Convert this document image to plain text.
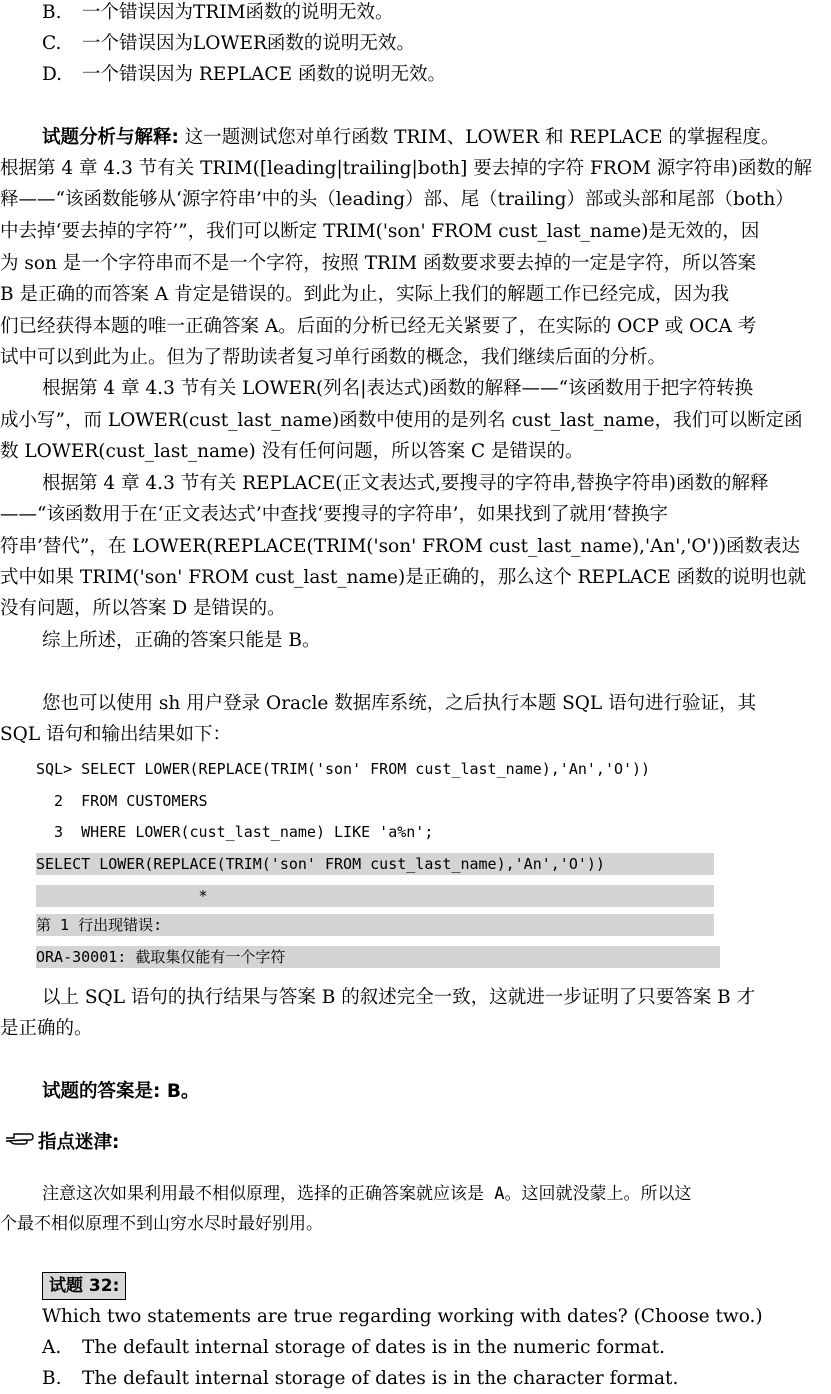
B. 一个错误因为TRIM函数的说明无效。
C. 一个错误因为LOWER函数的说明无效。
D. 一个错误因为 REPLACE 函数的说明无效。
试题分析与解释: 这一题测试您对单行函数 TRIM、LOWER 和 REPLACE 的掌握程度。
根据第 4 章 4.3 节有关 TRIM([leading|trailing|both] 要去掉的字符 FROM 源字符串)函数的解
释——“该函数能够从‘源字符串’中的头（leading）部、尾（trailing）部或头部和尾部（both）
中去掉‘要去掉的字符’”，我们可以断定 TRIM('son' FROM cust_last_name)是无效的，因
为 son 是一个字符串而不是一个字符，按照 TRIM 函数要求要去掉的一定是字符，所以答案
B 是正确的而答案 A 肯定是错误的。到此为止，实际上我们的解题工作已经完成，因为我
们已经获得本题的唯一正确答案 A。后面的分析已经无关紧要了，在实际的 OCP 或 OCA 考
试中可以到此为止。但为了帮助读者复习单行函数的概念，我们继续后面的分析。
根据第 4 章 4.3 节有关 LOWER(列名|表达式)函数的解释——“该函数用于把字符转换
成小写”，而 LOWER(cust_last_name)函数中使用的是列名 cust_last_name，我们可以断定函
数 LOWER(cust_last_name) 没有任何问题，所以答案 C 是错误的。
根据第 4 章 4.3 节有关 REPLACE(正文表达式,要搜寻的字符串,替换字符串)函数的解释
——“该函数用于在‘正文表达式’中查找‘要搜寻的字符串’，如果找到了就用‘替换字
符串’替代”，在 LOWER(REPLACE(TRIM('son' FROM cust_last_name),'An','O'))函数表达
式中如果 TRIM('son' FROM cust_last_name)是正确的，那么这个 REPLACE 函数的说明也就
没有问题，所以答案 D 是错误的。
综上所述，正确的答案只能是 B。
您也可以使用 sh 用户登录 Oracle 数据库系统，之后执行本题 SQL 语句进行验证，其
SQL 语句和输出结果如下：
SQL> SELECT LOWER(REPLACE(TRIM('son' FROM cust_last_name),'An','O'))
2  FROM CUSTOMERS
3  WHERE LOWER(cust_last_name) LIKE 'a%n';
SELECT LOWER(REPLACE(TRIM('son' FROM cust_last_name),'An','O'))
*
第 1 行出现错误:
ORA-30001: 截取集仅能有一个字符
以上 SQL 语句的执行结果与答案 B 的叙述完全一致，这就进一步证明了只要答案 B 才
是正确的。
试题的答案是: B。
指点迷津:
注意这次如果利用最不相似原理，选择的正确答案就应该是 A。这回就没蒙上。所以这
个最不相似原理不到山穷水尽时最好别用。
试题 32:
Which two statements are true regarding working with dates? (Choose two.)
A. The default internal storage of dates is in the numeric format.
B. The default internal storage of dates is in the character format.
